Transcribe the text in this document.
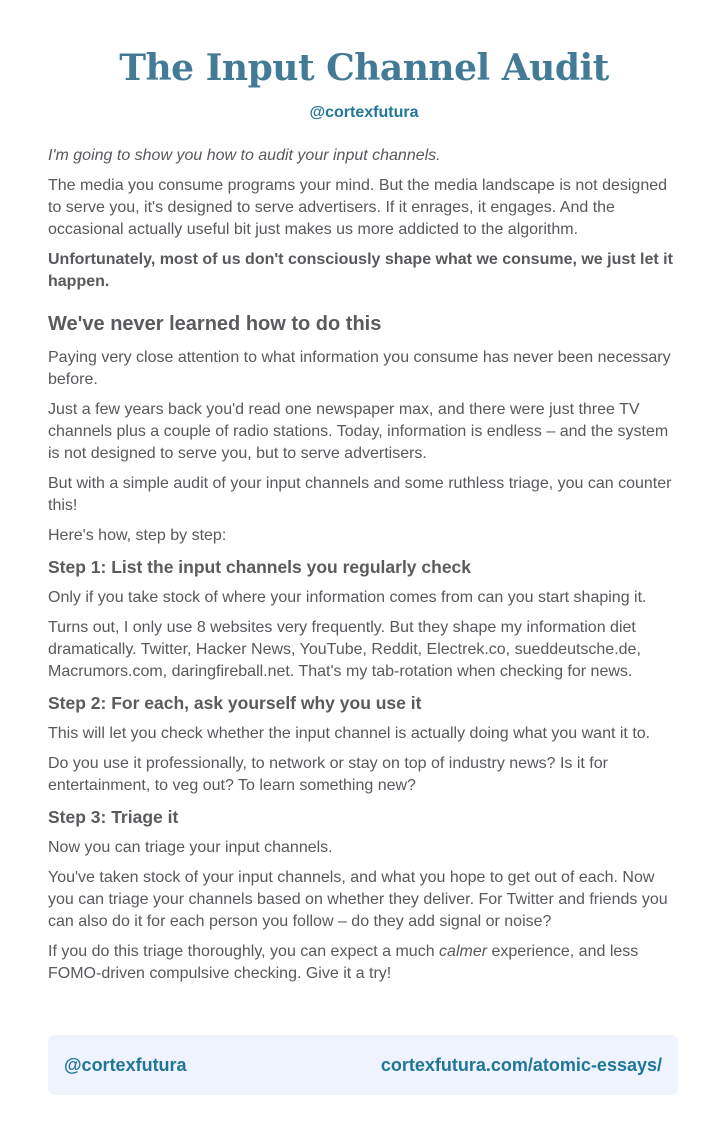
The Input Channel Audit
@cortexfutura

I'm going to show you how to audit your input channels.

The media you consume programs your mind. But the media landscape is not designed to serve you, it's designed to serve advertisers. If it enrages, it engages. And the occasional actually useful bit just makes us more addicted to the algorithm.

Unfortunately, most of us don't consciously shape what we consume, we just let it happen.

We've never learned how to do this

Paying very close attention to what information you consume has never been necessary before.

Just a few years back you'd read one newspaper max, and there were just three TV channels plus a couple of radio stations. Today, information is endless – and the system is not designed to serve you, but to serve advertisers.

But with a simple audit of your input channels and some ruthless triage, you can counter this!

Here's how, step by step:

Step 1: List the input channels you regularly check

Only if you take stock of where your information comes from can you start shaping it.

Turns out, I only use 8 websites very frequently. But they shape my information diet dramatically. Twitter, Hacker News, YouTube, Reddit, Electrek.co, sueddeutsche.de, Macrumors.com, daringfireball.net. That's my tab-rotation when checking for news.

Step 2: For each, ask yourself why you use it

This will let you check whether the input channel is actually doing what you want it to.

Do you use it professionally, to network or stay on top of industry news? Is it for entertainment, to veg out? To learn something new?

Step 3: Triage it

Now you can triage your input channels.

You've taken stock of your input channels, and what you hope to get out of each. Now you can triage your channels based on whether they deliver. For Twitter and friends you can also do it for each person you follow – do they add signal or noise?

If you do this triage thoroughly, you can expect a much calmer experience, and less FOMO-driven compulsive checking. Give it a try!

@cortexfutura	cortexfutura.com/atomic-essays/
